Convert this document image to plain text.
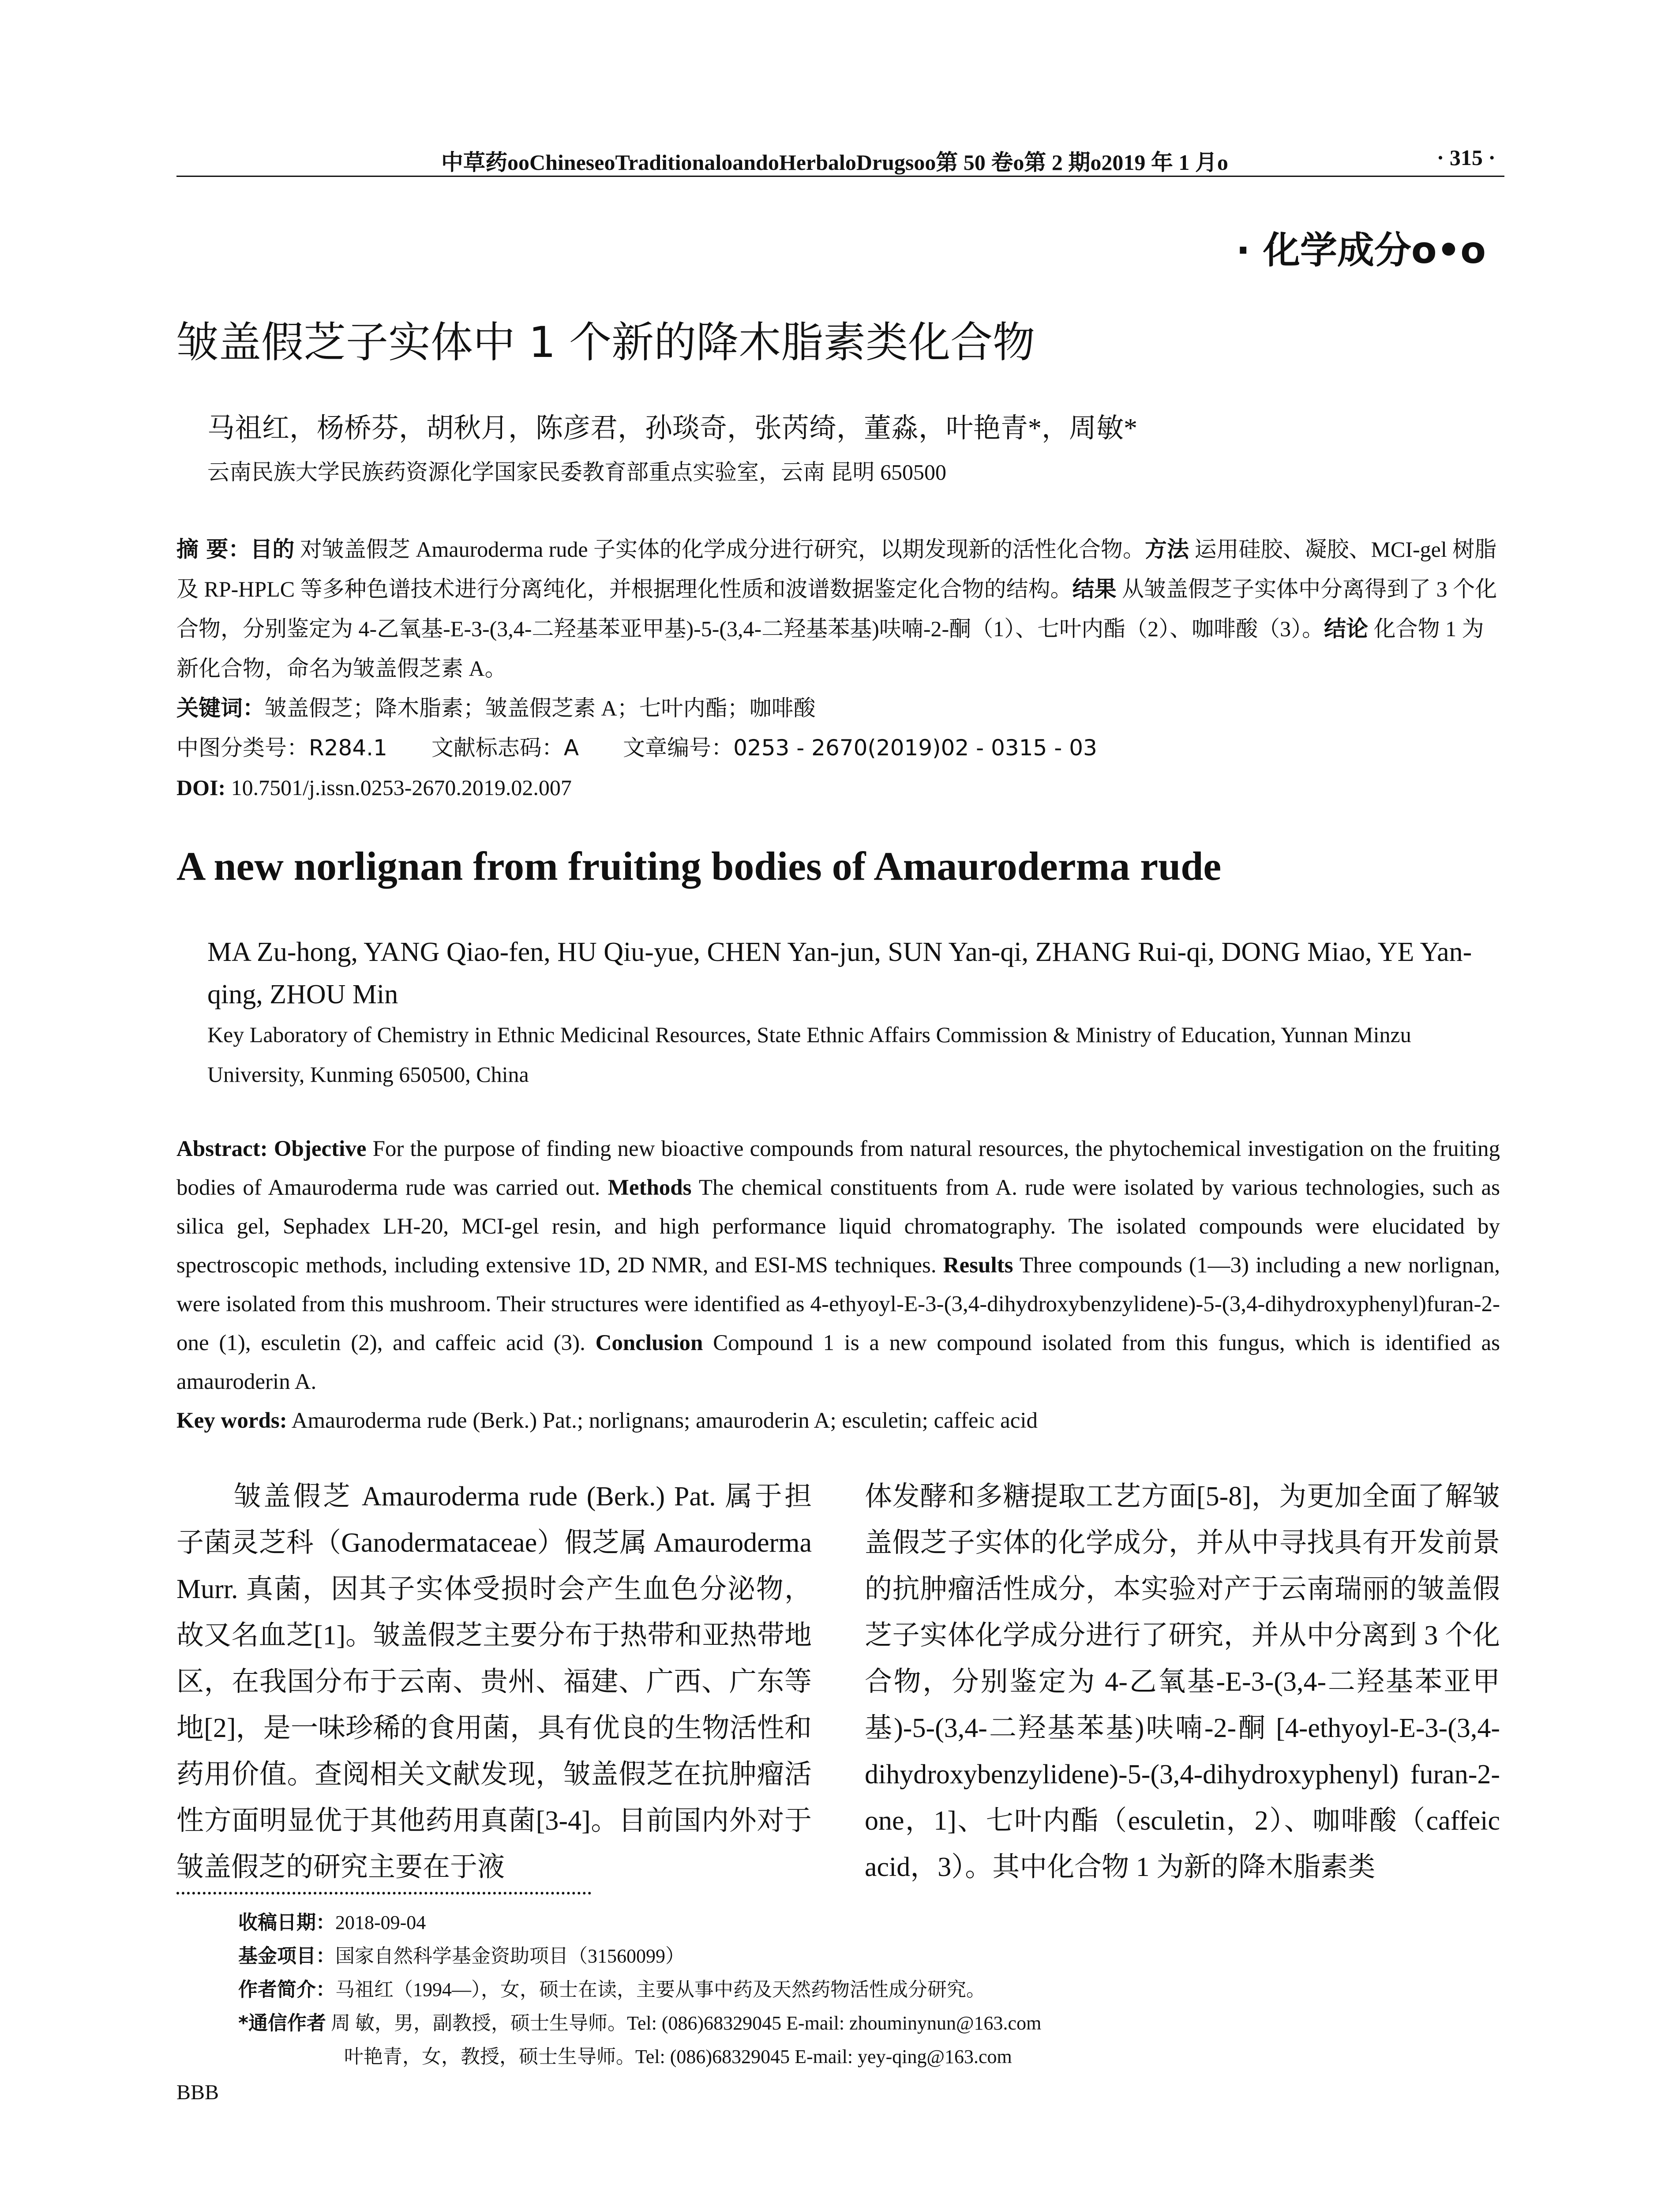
中草药ooChineseoTraditionaloandoHerbaloDrugsoo第 50 卷o第 2 期o2019 年 1 月o	· 315 ·
· 化学成分o•o
皱盖假芝子实体中 1 个新的降木脂素类化合物
马祖红，杨桥芬，胡秋月，陈彦君，孙琰奇，张芮绮，董淼，叶艳青*，周敏*
云南民族大学民族药资源化学国家民委教育部重点实验室，云南 昆明 650500

摘 要：目的 对皱盖假芝 Amauroderma rude 子实体的化学成分进行研究，以期发现新的活性化合物。方法 运用硅胶、凝胶、MCI-gel 树脂及 RP-HPLC 等多种色谱技术进行分离纯化，并根据理化性质和波谱数据鉴定化合物的结构。结果 从皱盖假芝子实体中分离得到了 3 个化合物，分别鉴定为 4-乙氧基-E-3-(3,4-二羟基苯亚甲基)-5-(3,4-二羟基苯基)呋喃-2-酮（1）、七叶内酯（2）、咖啡酸（3）。结论 化合物 1 为新化合物，命名为皱盖假芝素 A。

关键词：皱盖假芝；降木脂素；皱盖假芝素 A；七叶内酯；咖啡酸

中图分类号：R284.1　　文献标志码：A　　文章编号：0253 - 2670(2019)02 - 0315 - 03

DOI: 10.7501/j.issn.0253-2670.2019.02.007

A new norlignan from fruiting bodies of Amauroderma rude
MA Zu-hong, YANG Qiao-fen, HU Qiu-yue, CHEN Yan-jun, SUN Yan-qi, ZHANG Rui-qi, DONG Miao, YE Yan-qing, ZHOU Min
Key Laboratory of Chemistry in Ethnic Medicinal Resources, State Ethnic Affairs Commission & Ministry of Education, Yunnan Minzu University, Kunming 650500, China

Abstract: Objective For the purpose of finding new bioactive compounds from natural resources, the phytochemical investigation on the fruiting bodies of Amauroderma rude was carried out. Methods The chemical constituents from A. rude were isolated by various technologies, such as silica gel, Sephadex LH-20, MCI-gel resin, and high performance liquid chromatography. The isolated compounds were elucidated by spectroscopic methods, including extensive 1D, 2D NMR, and ESI-MS techniques. Results Three compounds (1—3) including a new norlignan, were isolated from this mushroom. Their structures were identified as 4-ethyoyl-E-3-(3,4-dihydroxybenzylidene)-5-(3,4-dihydroxyphenyl)furan-2-one (1), esculetin (2), and caffeic acid (3). Conclusion Compound 1 is a new compound isolated from this fungus, which is identified as amauroderin A.

Key words: Amauroderma rude (Berk.) Pat.; norlignans; amauroderin A; esculetin; caffeic acid

皱盖假芝 Amauroderma rude (Berk.) Pat. 属于担子菌灵芝科（Ganodermataceae）假芝属 Amauroderma Murr. 真菌，因其子实体受损时会产生血色分泌物，故又名血芝[1]。皱盖假芝主要分布于热带和亚热带地区，在我国分布于云南、贵州、福建、广西、广东等地[2]，是一味珍稀的食用菌，具有优良的生物活性和药用价值。查阅相关文献发现，皱盖假芝在抗肿瘤活性方面明显优于其他药用真菌[3-4]。目前国内外对于皱盖假芝的研究主要在于液

体发酵和多糖提取工艺方面[5-8]，为更加全面了解皱盖假芝子实体的化学成分，并从中寻找具有开发前景的抗肿瘤活性成分，本实验对产于云南瑞丽的皱盖假芝子实体化学成分进行了研究，并从中分离到 3 个化合物，分别鉴定为 4-乙氧基-E-3-(3,4-二羟基苯亚甲基)-5-(3,4-二羟基苯基)呋喃-2-酮 [4-ethyoyl-E-3-(3,4-dihydroxybenzylidene)-5-(3,4-dihydroxyphenyl) furan-2-one，1]、七叶内酯（esculetin，2）、咖啡酸（caffeic acid，3）。其中化合物 1 为新的降木脂素类

收稿日期：2018-09-04

基金项目：国家自然科学基金资助项目（31560099）

作者简介：马祖红（1994—），女，硕士在读，主要从事中药及天然药物活性成分研究。

*通信作者 周 敏，男，副教授，硕士生导师。Tel: (086)68329045 E-mail: zhouminynun@163.com

叶艳青，女，教授，硕士生导师。Tel: (086)68329045 E-mail: yey-qing@163.com

BBB
